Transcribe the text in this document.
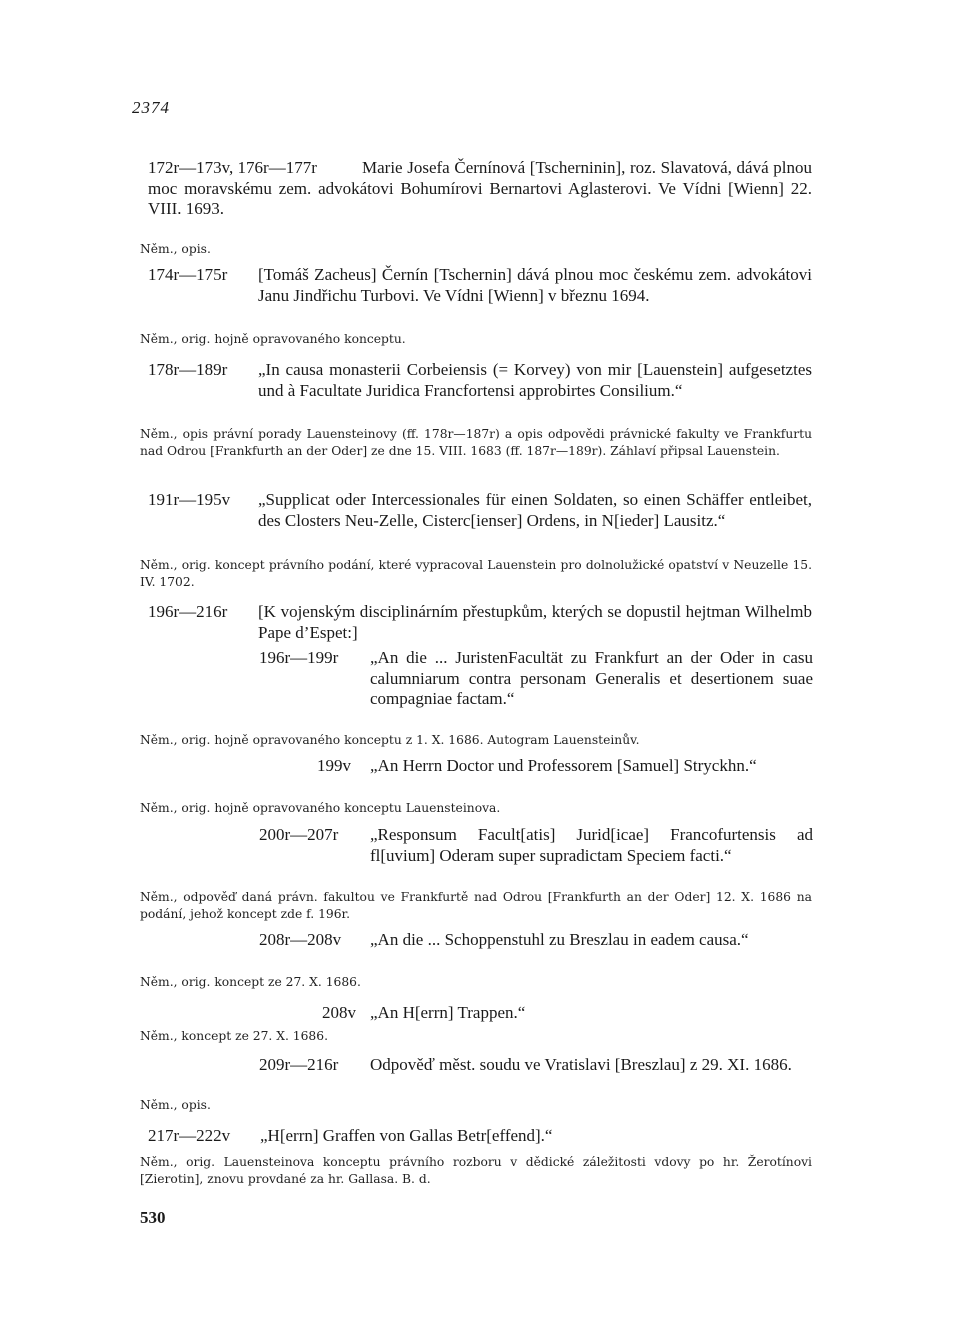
2374
172r—173v, 176r—177r	Marie Josefa Černínová [Tscherninin], roz. Slavatová, dává plnou moc moravskému zem. advokátovi Bohumírovi Bernartovi Aglasterovi. Ve Vídni [Wienn] 22. VIII. 1693.
Něm., opis.
174r—175r	[Tomáš Zacheus] Černín [Tschernin] dává plnou moc českému zem. advokátovi Janu Jindřichu Turbovi. Ve Vídni [Wienn] v březnu 1694.
Něm., orig. hojně opravovaného konceptu.
178r—189r	„In causa monasterii Corbeiensis (= Korvey) von mir [Lauenstein] aufgesetztes und à Facultate Juridica Francfortensi approbirtes Consilium.“
Něm., opis právní porady Lauensteinovy (ff. 178r—187r) a opis odpovědi právnické fakulty ve Frankfurtu nad Odrou [Frankfurth an der Oder] ze dne 15. VIII. 1683 (ff. 187r—189r). Záhlaví připsal Lauenstein.
191r—195v	„Supplicat oder Intercessionales für einen Soldaten, so einen Schäffer entleibet, des Closters Neu-Zelle, Cisterc[ienser] Ordens, in N[ieder] Lausitz.“
Něm., orig. koncept právního podání, které vypracoval Lauenstein pro dolnolužické opatství v Neuzelle 15. IV. 1702.
196r—216r	[K vojenským disciplinárním přestupkům, kterých se dopustil hejtman Wilhelmb Pape d’Espet:]
196r—199r	„An die ... JuristenFacultät zu Frankfurt an der Oder in casu calumniarum contra personam Generalis et desertionem suae compagniae factam.“
Něm., orig. hojně opravovaného konceptu z 1. X. 1686. Autogram Lauensteinův.
199v	„An Herrn Doctor und Professorem [Samuel] Stryckhn.“
Něm., orig. hojně opravovaného konceptu Lauensteinova.
200r—207r	„Responsum Facult[atis] Jurid[icae] Francofurtensis ad fl[uvium] Oderam super supradictam Speciem facti.“
Něm., odpověď daná právn. fakultou ve Frankfurtě nad Odrou [Frankfurth an der Oder] 12. X. 1686 na podání, jehož koncept zde f. 196r.
208r—208v	„An die ... Schoppenstuhl zu Breszlau in eadem causa.“
Něm., orig. koncept ze 27. X. 1686.
208v „An H[errn] Trappen.“
Něm., koncept ze 27. X. 1686.
209r—216r	Odpověď měst. soudu ve Vratislavi [Breszlau] z 29. XI. 1686.
Něm., opis.
217r—222v	„H[errn] Graffen von Gallas Betr[effend].“
Něm., orig. Lauensteinova konceptu právního rozboru v dědické záležitosti vdovy po hr. Žerotínovi [Zierotin], znovu provdané za hr. Gallasa. B. d.
530
